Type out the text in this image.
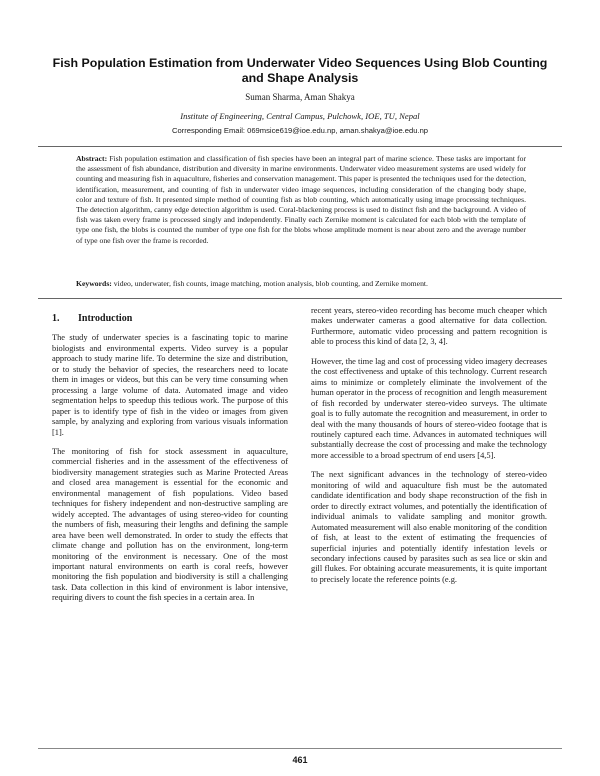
Fish Population Estimation from Underwater Video Sequences Using Blob Counting and Shape Analysis
Suman Sharma, Aman Shakya
Institute of Engineering, Central Campus, Pulchowk, IOE, TU, Nepal
Corresponding Email: 069msice619@ioe.edu.np, aman.shakya@ioe.edu.np
Abstract: Fish population estimation and classification of fish species have been an integral part of marine science. These tasks are important for the assessment of fish abundance, distribution and diversity in marine environments. Underwater video measurement systems are used widely for counting and measuring fish in aquaculture, fisheries and conservation management. This paper is presented the techniques used for the detection, identification, measurement, and counting of fish in underwater video image sequences, including consideration of the changing body shape, color and texture of fish. It presented simple method of counting fish as blob counting, which automatically using image processing techniques. The detection algorithm, canny edge detection algorithm is used. Coral-blackening process is used to distinct fish and the background. A video of fish was taken every frame is processed singly and independently. Finally each Zernike moment is calculated for each blob with the template of type one fish, the blobs is counted the number of type one fish for the blobs whose amplitude moment is near about zero and the average number of type one fish over the frame is recorded.
Keywords: video, underwater, fish counts, image matching, motion analysis, blob counting, and Zernike moment.
1. Introduction

The study of underwater species is a fascinating topic to marine biologists and environmental experts. Video survey is a popular approach to study marine life. To determine the size and distribution, or to study the behavior of species, the researchers need to locate them in images or videos, but this can be very time consuming when processing a large volume of data. Automated image and video segmentation helps to speedup this tedious work. The purpose of this paper is to identify type of fish in the video or images from given sample, by analyzing and exploring from various visuals information [1].

The monitoring of fish for stock assessment in aquaculture, commercial fisheries and in the assessment of the effectiveness of biodiversity management strategies such as Marine Protected Areas and closed area management is essential for the economic and environmental management of fish populations. Video based techniques for fishery independent and non-destructive sampling are widely accepted. The advantages of using stereo-video for counting the numbers of fish, measuring their lengths and defining the sample area have been well demonstrated. In order to study the effects that climate change and pollution has on the environment, long-term monitoring of the environment is necessary. One of the most important natural environments on earth is coral reefs, however monitoring the fish population and biodiversity is still a challenging task. Data collection in this kind of environment is labor intensive, requiring divers to count the fish species in a certain area. In

recent years, stereo-video recording has become much cheaper which makes underwater cameras a good alternative for data collection. Furthermore, automatic video processing and pattern recognition is able to process this kind of data [2, 3, 4].

However, the time lag and cost of processing video imagery decreases the cost effectiveness and uptake of this technology. Current research aims to minimize or completely eliminate the involvement of the human operator in the process of recognition and length measurement of fish recorded by underwater stereo-video surveys. The ultimate goal is to fully automate the recognition and measurement, in order to deal with the many thousands of hours of stereo-video footage that is routinely captured each time. Advances in automated techniques will substantially decrease the cost of processing and make the technology more accessible to a broad spectrum of end users [4,5].

The next significant advances in the technology of stereo-video monitoring of wild and aquaculture fish must be the automated candidate identification and body shape reconstruction of the fish in order to directly extract volumes, and potentially the identification of individual animals to validate sampling and monitor growth. Automated measurement will also enable monitoring of the condition of fish, at least to the extent of estimating the frequencies of superficial injuries and potentially identify infestation levels or secondary infections caused by parasites such as sea lice or skin and gill flukes. For obtaining accurate measurements, it is quite important to precisely locate the reference points (e.g.

461
